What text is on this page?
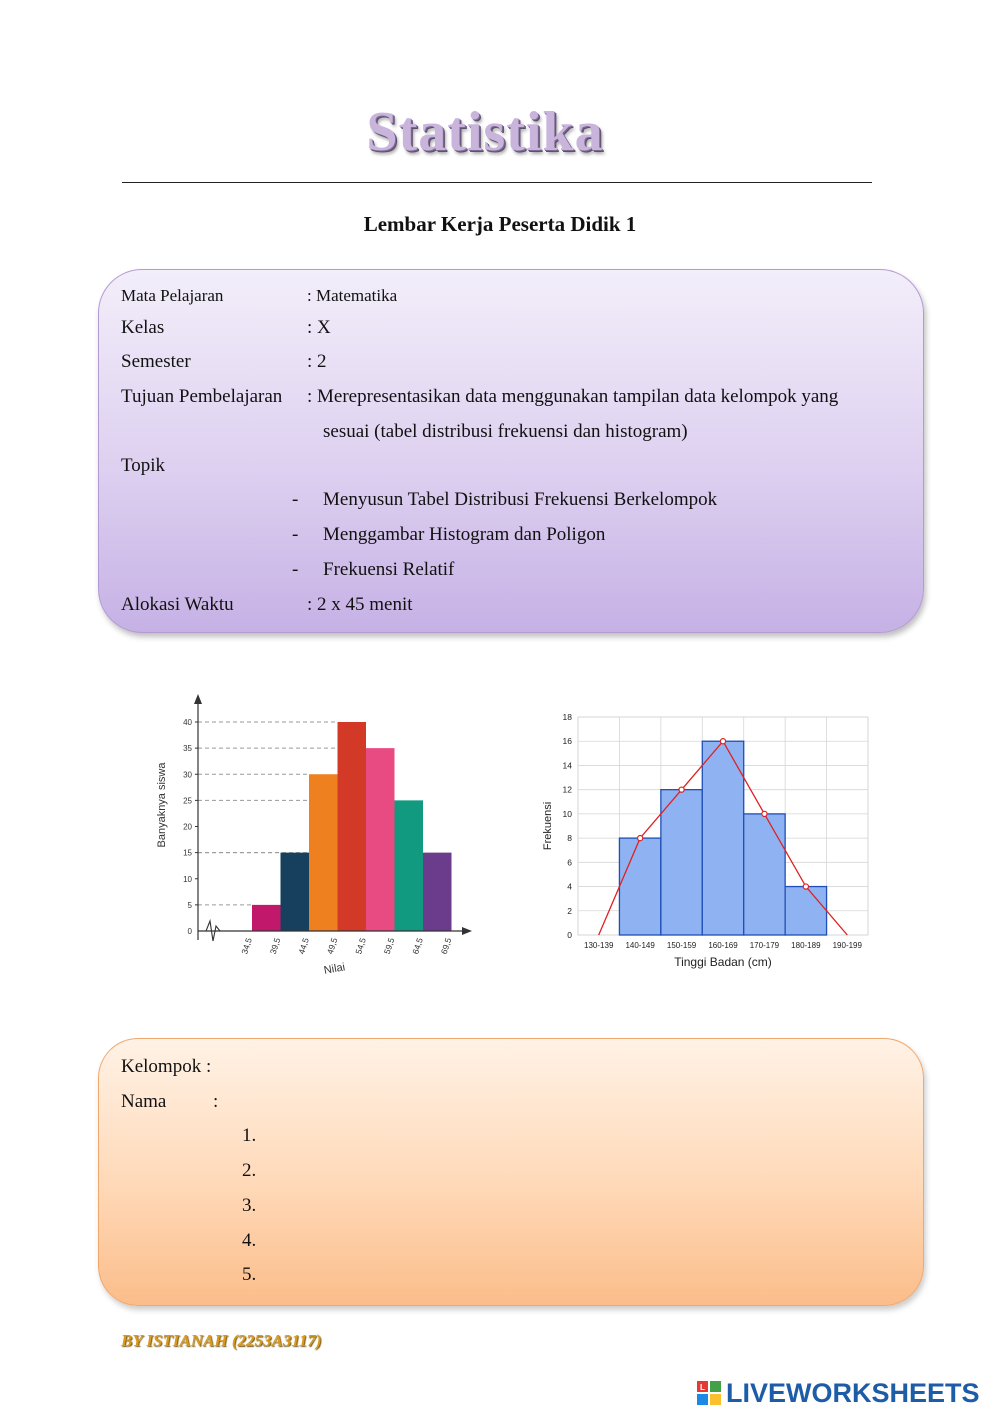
Statistika
Lembar Kerja Peserta Didik 1
Mata Pelajaran	: Matematika
Kelas	: X
Semester	: 2
Tujuan Pembelajaran : Merepresentasikan data menggunakan tampilan data kelompok yang
sesuai (tabel distribusi frekuensi dan histogram)
Topik
- Menyusun Tabel Distribusi Frekuensi Berkelompok
- Menggambar Histogram dan Poligon
- Frekuensi Relatif
Alokasi Waktu	: 2 x 45 menit
0
5
10
15
20
25
30
35
40
34,5 39,5 44,5 49,5 54,5 59,5 64,5 69,5
Banyaknya siswa
Nilai
0
2
4
6
8
10
12
14
16
18
130-139 140-149 150-159 160-169 170-179 180-189 190-199
Frekuensi
Tinggi Badan (cm)
Kelompok :
Nama :
1.
2.
3.
4.
5.
BY ISTIANAH (2253A3117)
L LIVEWORKSHEETS
